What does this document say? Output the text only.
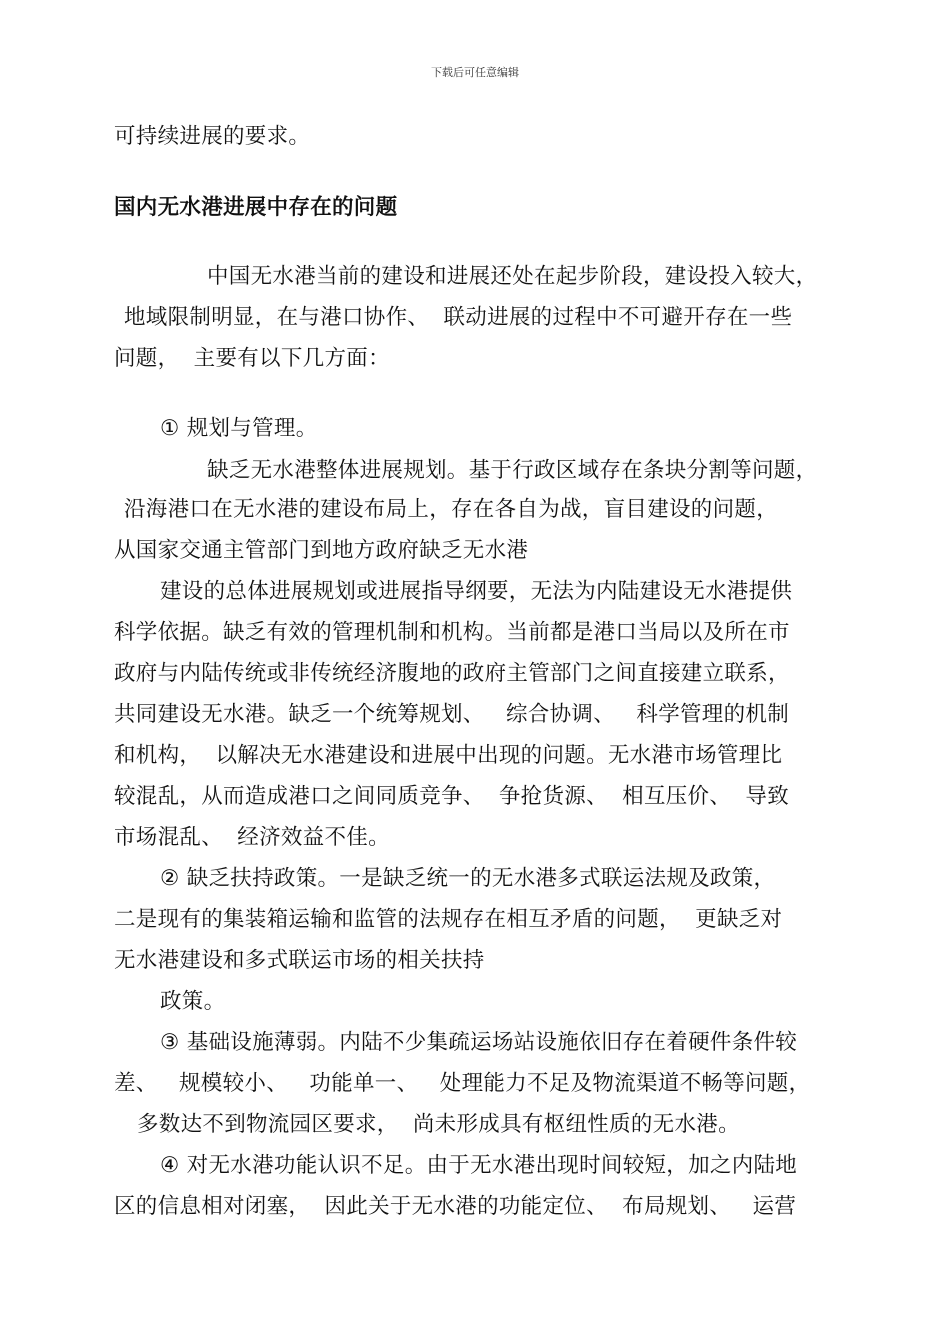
下载后可任意编辑
可持续进展的要求。
国内无水港进展中存在的问题
中国无水港当前的建设和进展还处在起步阶段，建设投入较大，
地域限制明显，在与港口协作、  联动进展的过程中不可避开存在一些
问题，  主要有以下几方面：
① 规划与管理。
缺乏无水港整体进展规划。基于行政区域存在条块分割等问题，
沿海港口在无水港的建设布局上，存在各自为战，盲目建设的问题，
从国家交通主管部门到地方政府缺乏无水港
建设的总体进展规划或进展指导纲要，无法为内陆建设无水港提供
科学依据。缺乏有效的管理机制和机构。当前都是港口当局以及所在市
政府与内陆传统或非传统经济腹地的政府主管部门之间直接建立联系，
共同建设无水港。缺乏一个统筹规划、   综合协调、   科学管理的机制
和机构，  以解决无水港建设和进展中出现的问题。无水港市场管理比
较混乱，从而造成港口之间同质竞争、  争抢货源、  相互压价、  导致
市场混乱、  经济效益不佳。
② 缺乏扶持政策。一是缺乏统一的无水港多式联运法规及政策，
二是现有的集装箱运输和监管的法规存在相互矛盾的问题，  更缺乏对
无水港建设和多式联运市场的相关扶持
政策。
③ 基础设施薄弱。内陆不少集疏运场站设施依旧存在着硬件条件较
差、   规模较小、   功能单一、   处理能力不足及物流渠道不畅等问题，
多数达不到物流园区要求，  尚未形成具有枢纽性质的无水港。
④ 对无水港功能认识不足。由于无水港出现时间较短，加之内陆地
区的信息相对闭塞，  因此关于无水港的功能定位、  布局规划、   运营
